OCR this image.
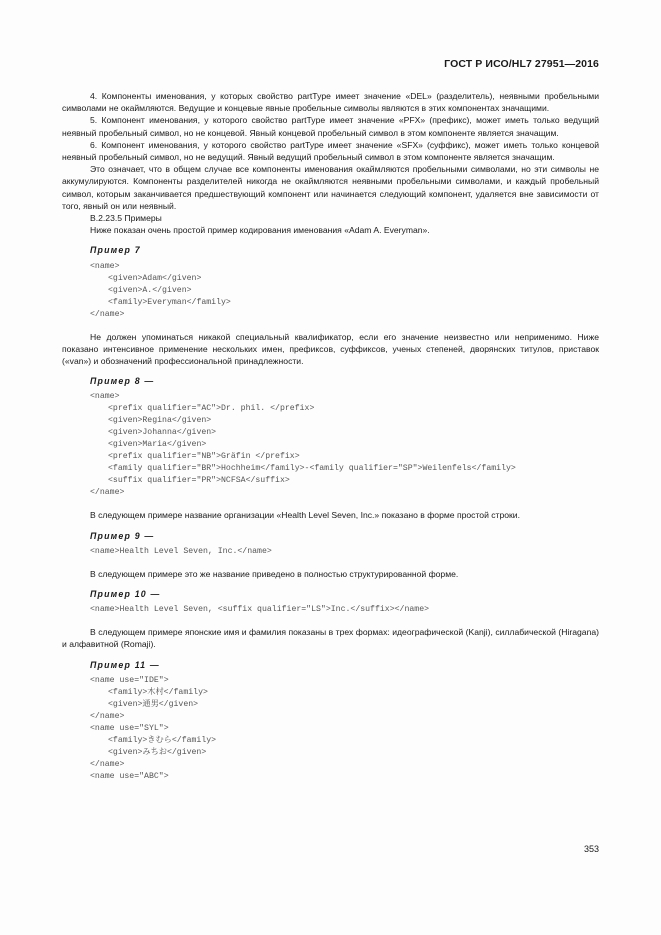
ГОСТ Р ИСО/HL7 27951—2016

4. Компоненты именования, у которых свойство partType имеет значение «DEL» (разделитель), неявными пробельными символами не окаймляются. Ведущие и концевые явные пробельные символы являются в этих компонентах значащими.

5. Компонент именования, у которого свойство partType имеет значение «PFX» (префикс), может иметь только ведущий неявный пробельный символ, но не концевой. Явный концевой пробельный символ в этом компоненте является значащим.

6. Компонент именования, у которого свойство partType имеет значение «SFX» (суффикс), может иметь только концевой неявный пробельный символ, но не ведущий. Явный ведущий пробельный символ в этом компоненте является значащим.

Это означает, что в общем случае все компоненты именования окаймляются пробельными символами, но эти символы не аккумулируются. Компоненты разделителей никогда не окаймляются неявными пробельными символами, и каждый пробельный символ, которым заканчивается предшествующий компонент или начинается следующий компонент, удаляется вне зависимости от того, явный он или неявный.

B.2.23.5 Примеры

Ниже показан очень простой пример кодирования именования «Adam A. Everyman».

Пример 7
<name>
<given>Adam</given>
<given>A.</given>
<family>Everyman</family>
</name>

Не должен упоминаться никакой специальный квалификатор, если его значение неизвестно или неприменимо. Ниже показано интенсивное применение нескольких имен, префиксов, суффиксов, ученых степеней, дворянских титулов, приставок («van») и обозначений профессиональной принадлежности.

Пример 8 —
<name>
<prefix qualifier="AC">Dr. phil. </prefix>
<given>Regina</given>
<given>Johanna</given>
<given>Maria</given>
<prefix qualifier="NB">Gräfin </prefix>
<family qualifier="BR">Hochheim</family>-<family qualifier="SP">Weilenfels</family>
<suffix qualifier="PR">NCFSA</suffix>
</name>

В следующем примере название организации «Health Level Seven, Inc.» показано в форме простой строки.

Пример 9 —
<name>Health Level Seven, Inc.</name>

В следующем примере это же название приведено в полностью структурированной форме.

Пример 10 —
<name>Health Level Seven, <suffix qualifier="LS">Inc.</suffix></name>

В следующем примере японские имя и фамилия показаны в трех формах: идеографической (Kanji), силлабической (Hiragana) и алфавитной (Romaji).

Пример 11 —
<name use="IDE">
<family>木村</family>
<given>通男</given>
</name>
<name use="SYL">
<family>きむら</family>
<given>みちお</given>
</name>
<name use="ABC">
353
